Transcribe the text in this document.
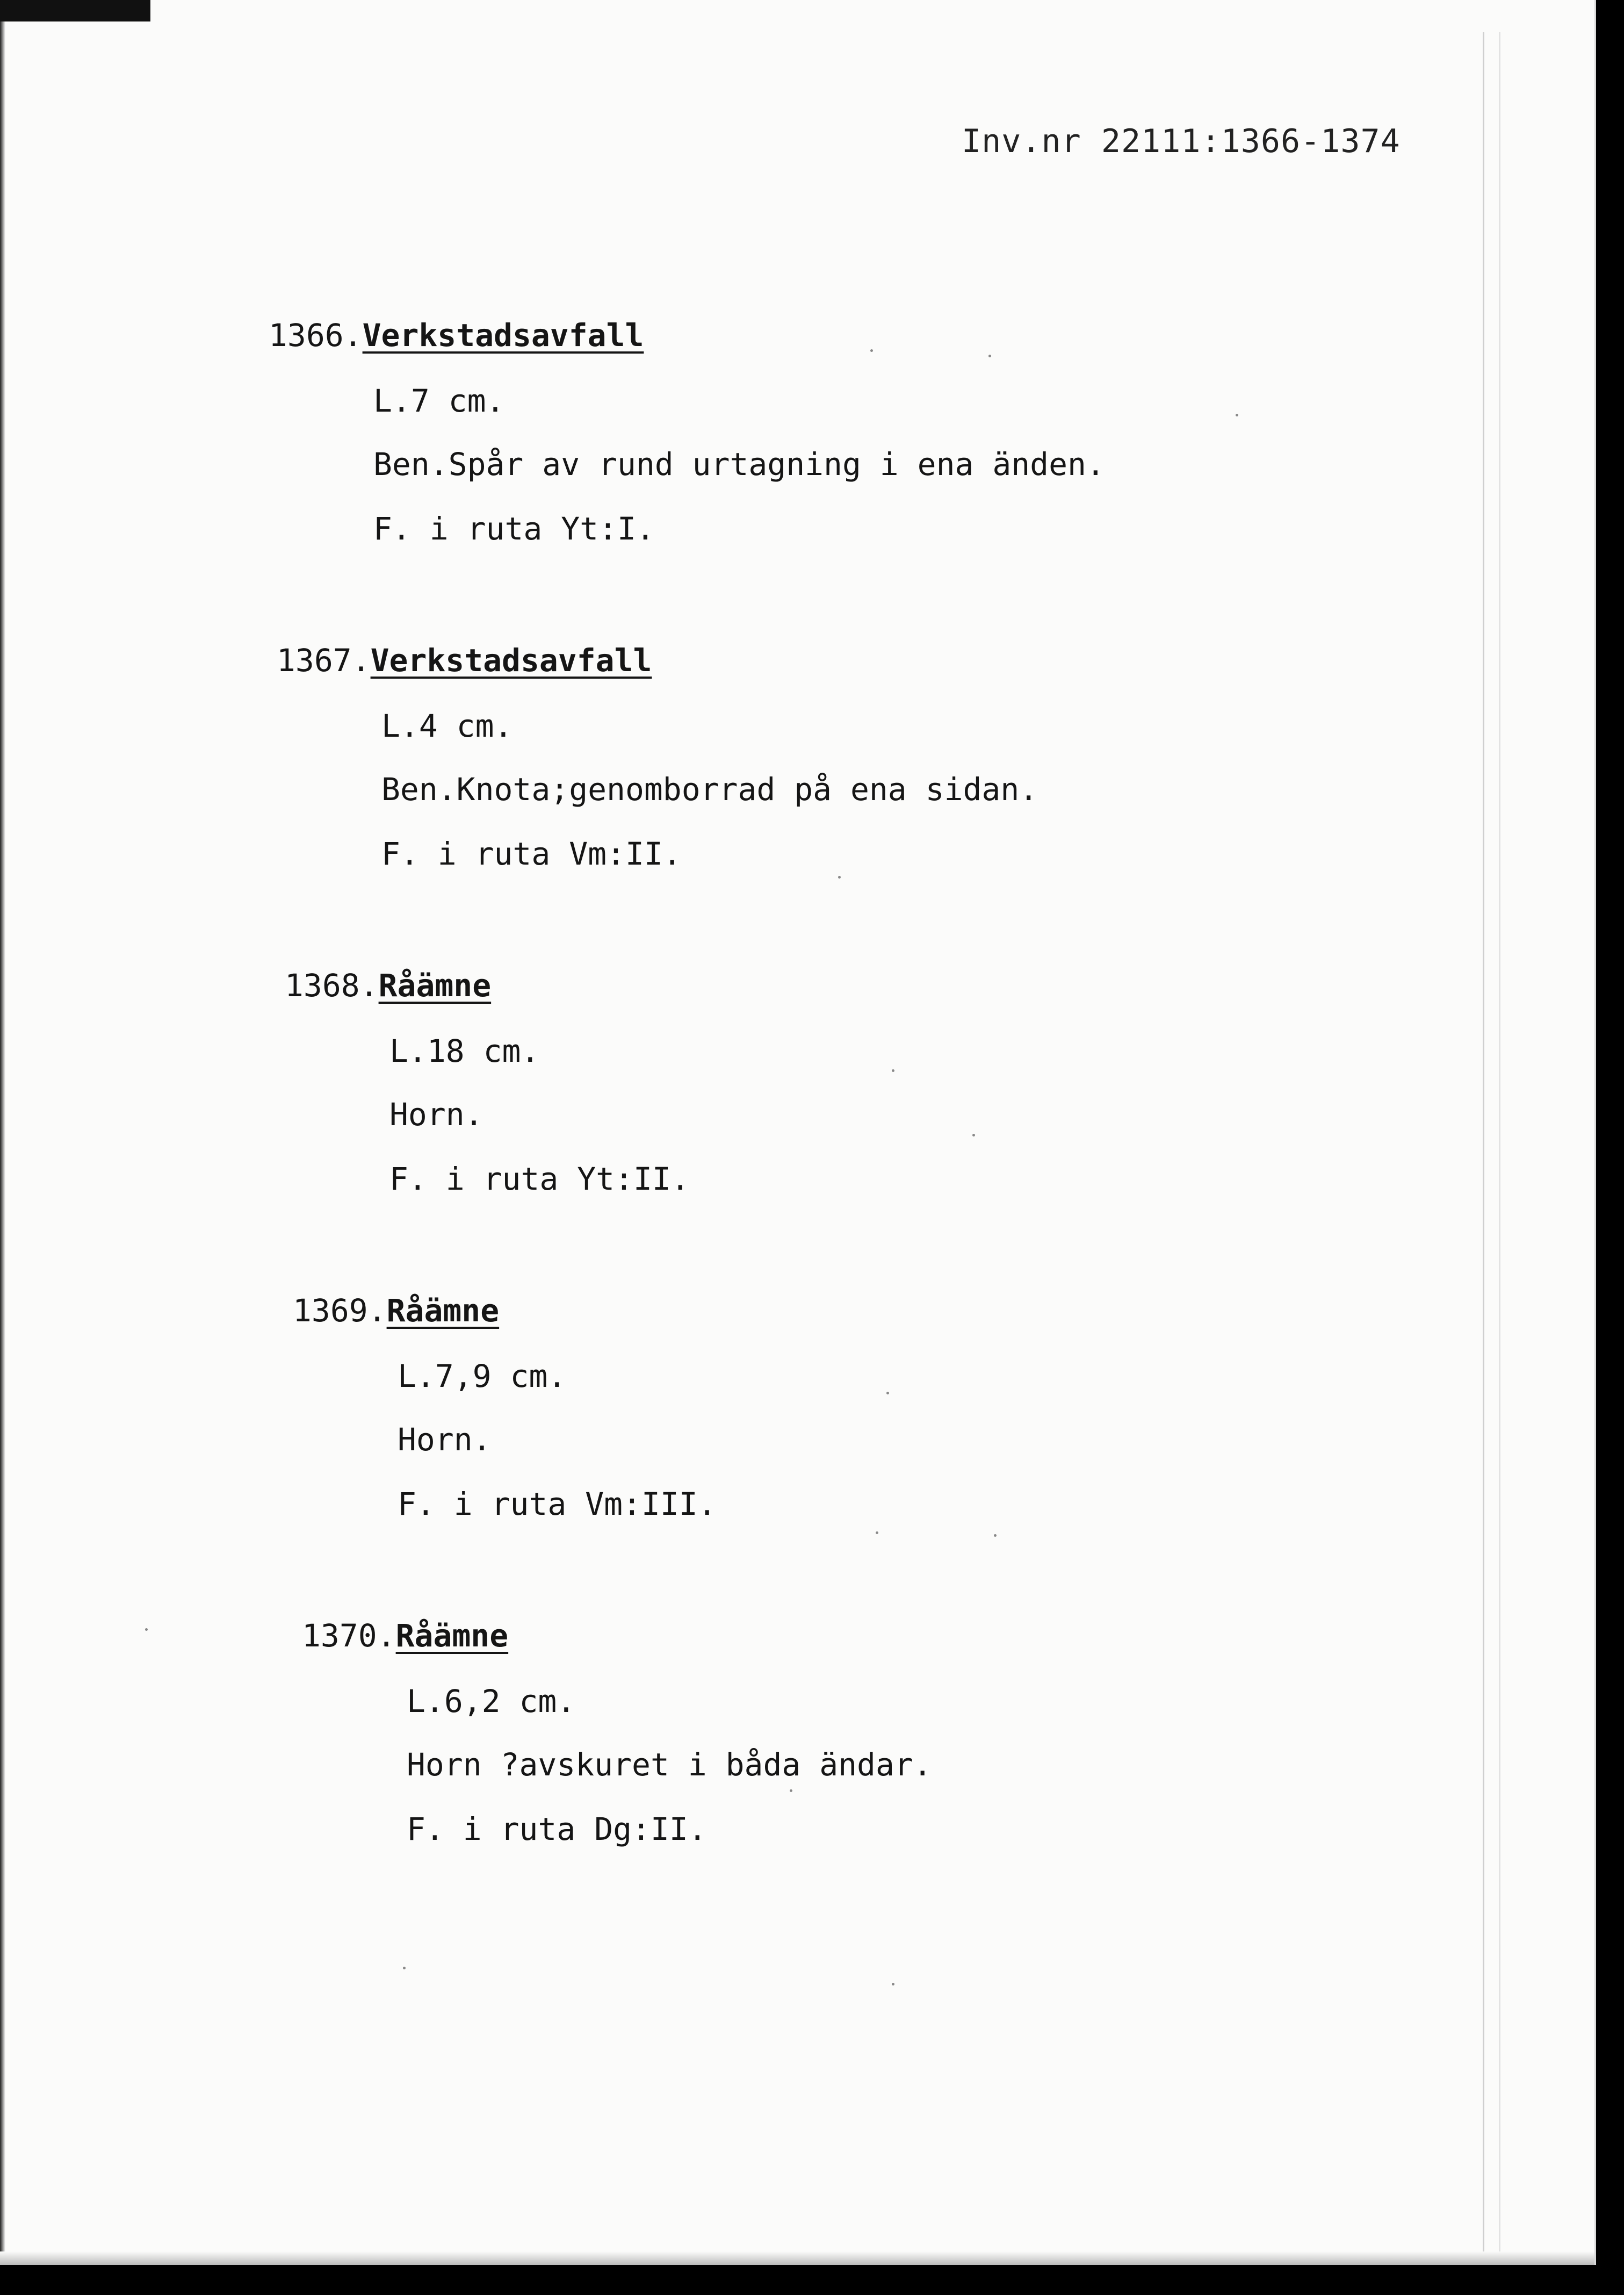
Inv.nr 22111:1366-1374
1366.Verkstadsavfall
L.7 cm.
Ben.Spår av rund urtagning i ena änden.
F. i ruta Yt:I.
1367.Verkstadsavfall
L.4 cm.
Ben.Knota;genomborrad på ena sidan.
F. i ruta Vm:II.
1368.Råämne
L.18 cm.
Horn.
F. i ruta Yt:II.
1369.Råämne
L.7,9 cm.
Horn.
F. i ruta Vm:III.
1370.Råämne
L.6,2 cm.
Horn ?avskuret i båda ändar.
F. i ruta Dg:II.
